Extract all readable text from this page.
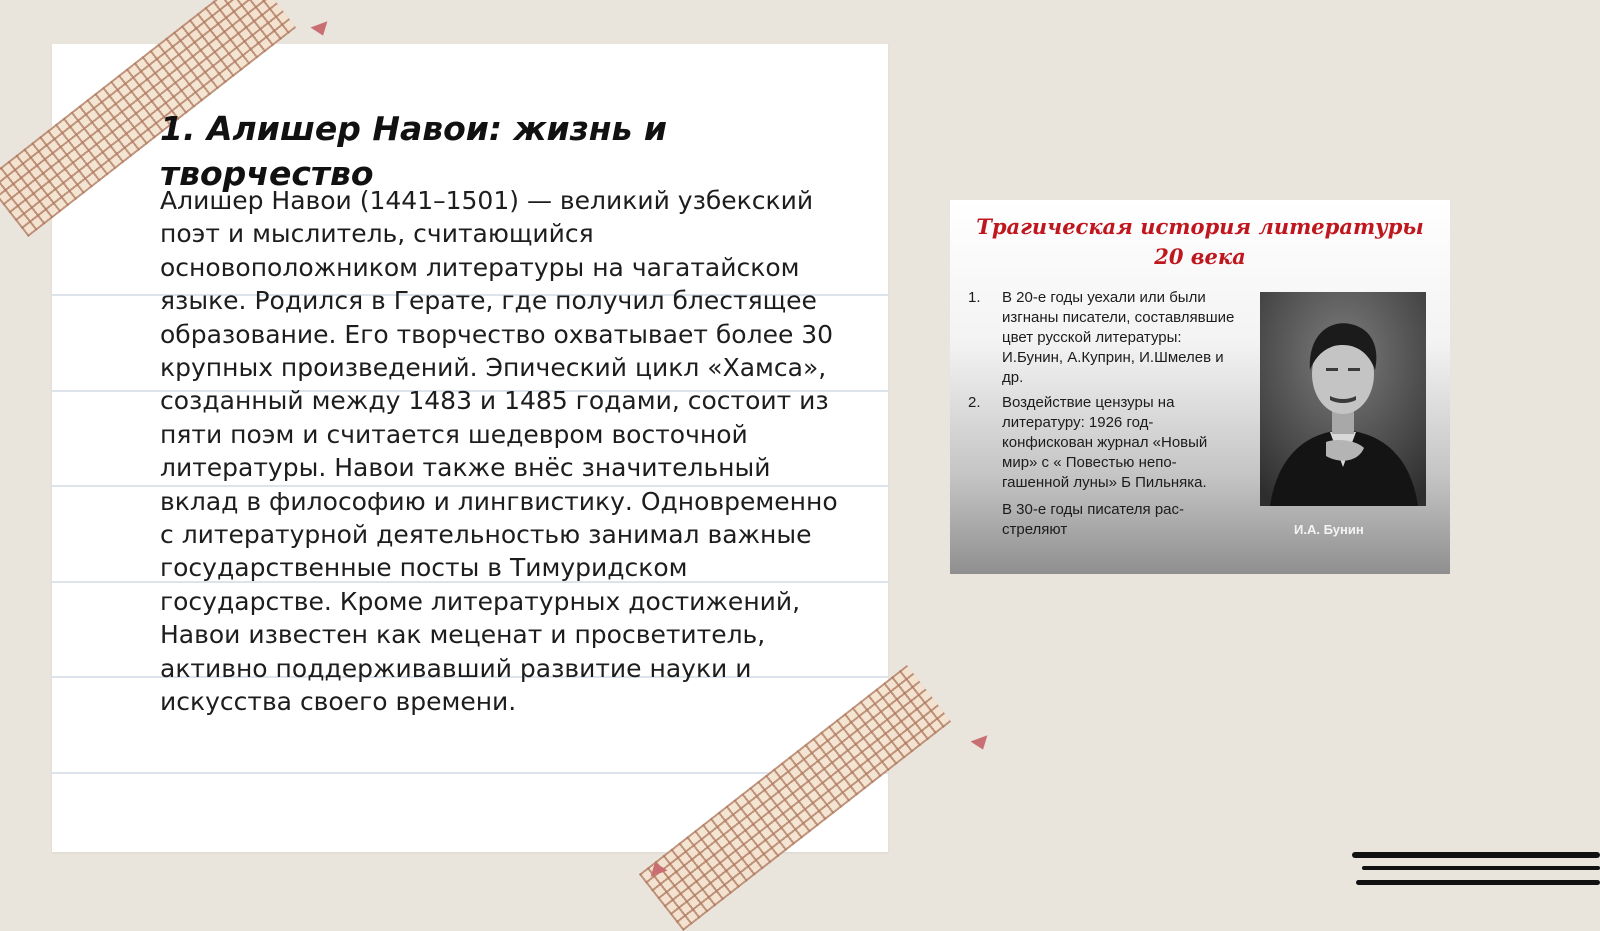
1. Алишер Навои: жизнь и творчество

Алишер Навои (1441–1501) — великий узбекский поэт и мыслитель, считающийся основоположником литературы на чагатайском языке. Родился в Герате, где получил блестящее образование. Его творчество охватывает более 30 крупных произведений. Эпический цикл «Хамса», созданный между 1483 и 1485 годами, состоит из пяти поэм и считается шедевром восточной литературы. Навои также внёс значительный вклад в философию и лингвистику. Одновременно с литературной деятельностью занимал важные государственные посты в Тимуридском государстве. Кроме литературных достижений, Навои известен как меценат и просветитель, активно поддерживавший развитие науки и искусства своего времени.

Трагическая история литературы 20 века
1. В 20-е годы уехали или были изгнаны писатели, составлявшие цвет русской литературы: И.Бунин, А.Куприн, И.Шмелев и др.
2. Воздействие цензуры на литературу: 1926 год-конфискован журнал «Новый мир» с « Повестью непо-гашенной луны» Б Пильняка.

В 30-е годы писателя рас-стреляют	И.А. Бунин
